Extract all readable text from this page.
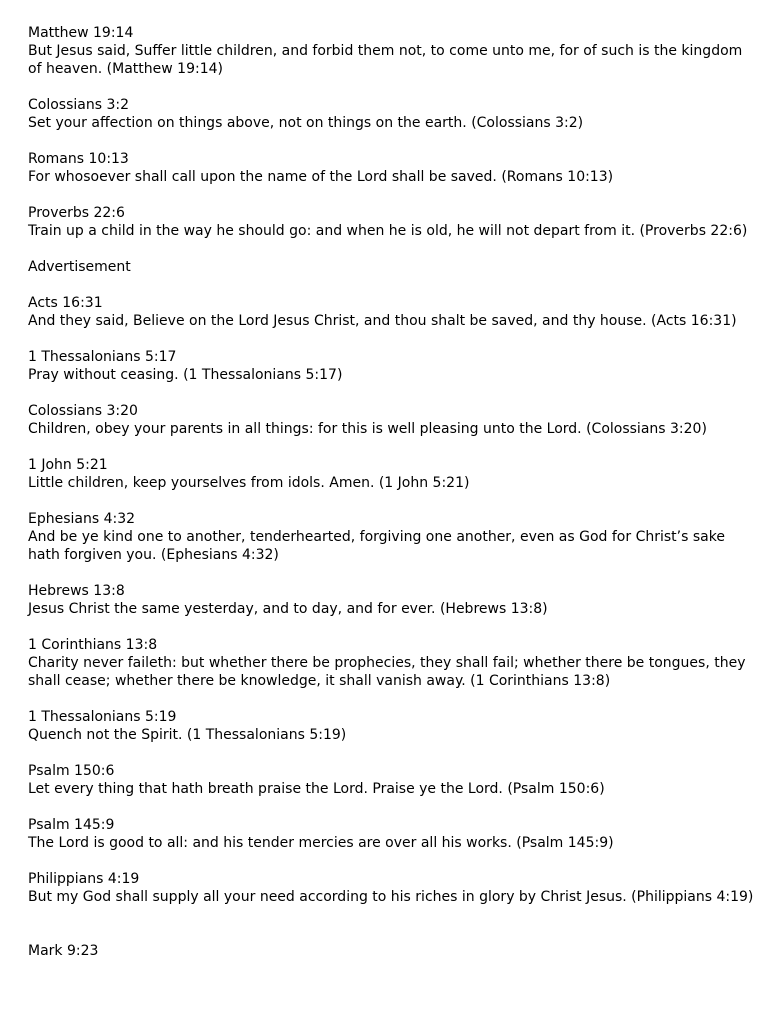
Matthew 19:14
But Jesus said, Suffer little children, and forbid them not, to come unto me, for of such is the kingdom of heaven. (Matthew 19:14)
Colossians 3:2
Set your affection on things above, not on things on the earth. (Colossians 3:2)
Romans 10:13
For whosoever shall call upon the name of the Lord shall be saved. (Romans 10:13)
Proverbs 22:6
Train up a child in the way he should go: and when he is old, he will not depart from it. (Proverbs 22:6)
Advertisement
Acts 16:31
And they said, Believe on the Lord Jesus Christ, and thou shalt be saved, and thy house. (Acts 16:31)
1 Thessalonians 5:17
Pray without ceasing. (1 Thessalonians 5:17)
Colossians 3:20
Children, obey your parents in all things: for this is well pleasing unto the Lord. (Colossians 3:20)
1 John 5:21
Little children, keep yourselves from idols. Amen. (1 John 5:21)
Ephesians 4:32
And be ye kind one to another, tenderhearted, forgiving one another, even as God for Christ’s sake hath forgiven you. (Ephesians 4:32)
Hebrews 13:8
Jesus Christ the same yesterday, and to day, and for ever. (Hebrews 13:8)
1 Corinthians 13:8
Charity never faileth: but whether there be prophecies, they shall fail; whether there be tongues, they shall cease; whether there be knowledge, it shall vanish away. (1 Corinthians 13:8)
1 Thessalonians 5:19
Quench not the Spirit. (1 Thessalonians 5:19)
Psalm 150:6
Let every thing that hath breath praise the Lord. Praise ye the Lord. (Psalm 150:6)
Psalm 145:9
The Lord is good to all: and his tender mercies are over all his works. (Psalm 145:9)
Philippians 4:19
But my God shall supply all your need according to his riches in glory by Christ Jesus. (Philippians 4:19)
Mark 9:23
